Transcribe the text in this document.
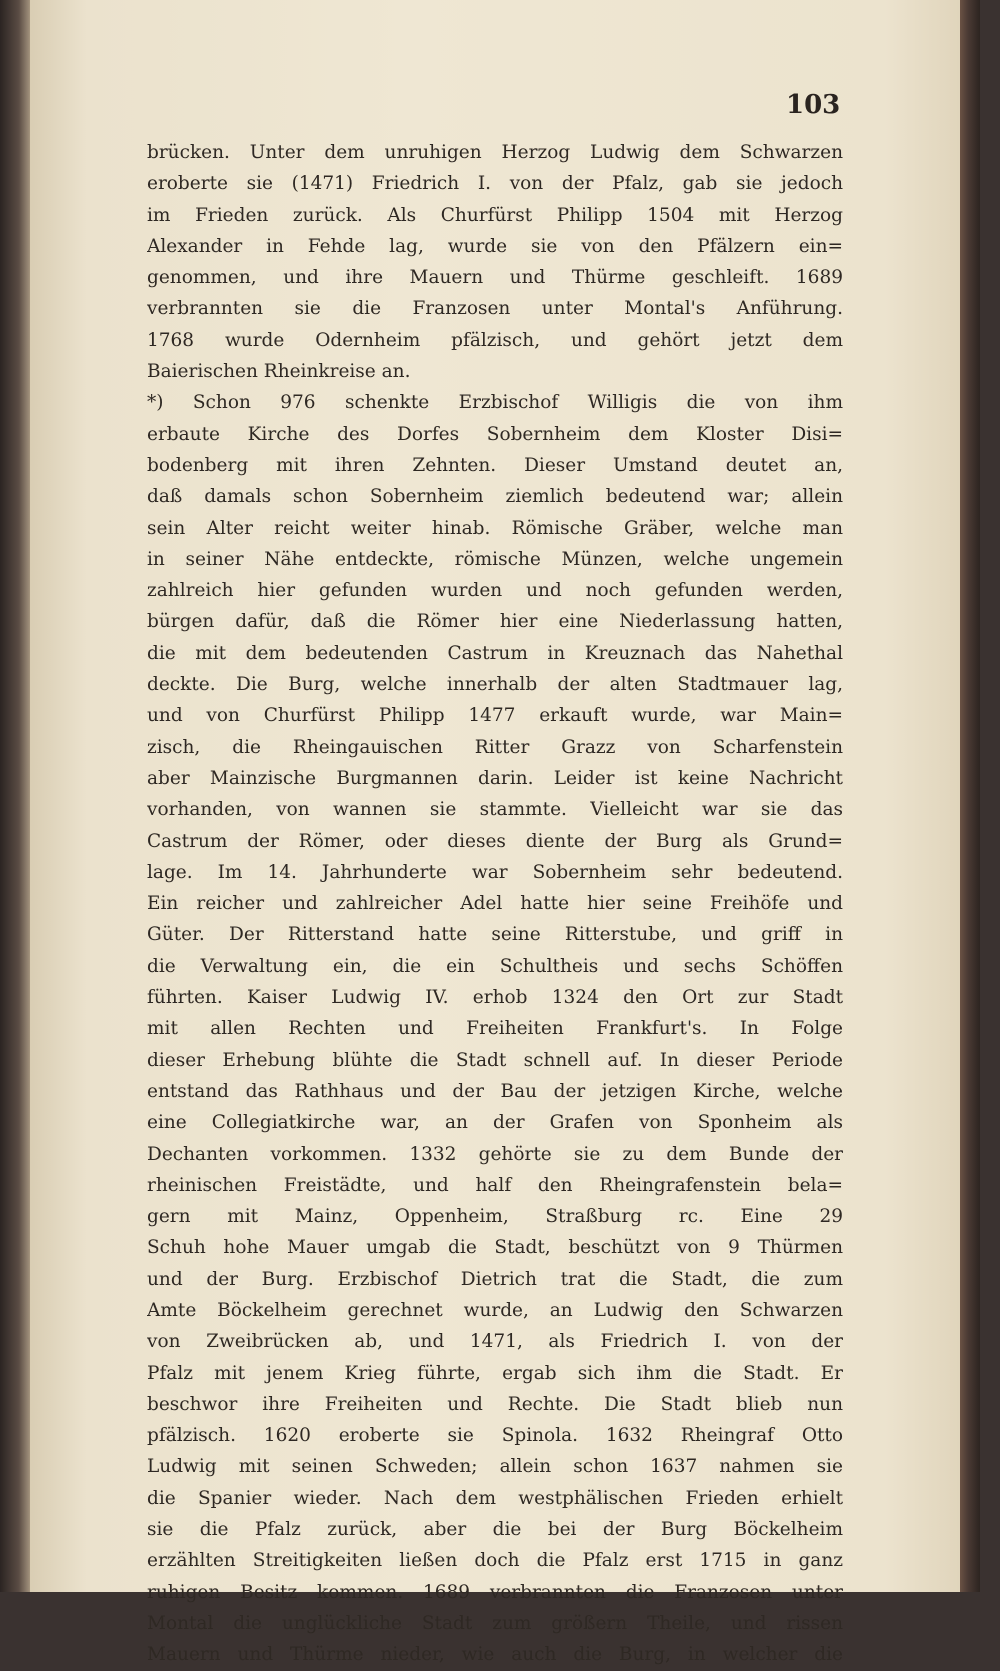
103
brücken. Unter dem unruhigen Herzog Ludwig dem Schwarzen
eroberte sie (1471) Friedrich I. von der Pfalz, gab sie jedoch
im Frieden zurück. Als Churfürst Philipp 1504 mit Herzog
Alexander in Fehde lag, wurde sie von den Pfälzern ein=
genommen, und ihre Mauern und Thürme geschleift. 1689
verbrannten sie die Franzosen unter Montal's Anführung.
1768 wurde Odernheim pfälzisch, und gehört jetzt dem
Baierischen Rheinkreise an.
*) Schon 976 schenkte Erzbischof Willigis die von ihm
erbaute Kirche des Dorfes Sobernheim dem Kloster Disi=
bodenberg mit ihren Zehnten. Dieser Umstand deutet an,
daß damals schon Sobernheim ziemlich bedeutend war; allein
sein Alter reicht weiter hinab. Römische Gräber, welche man
in seiner Nähe entdeckte, römische Münzen, welche ungemein
zahlreich hier gefunden wurden und noch gefunden werden,
bürgen dafür, daß die Römer hier eine Niederlassung hatten,
die mit dem bedeutenden Castrum in Kreuznach das Nahethal
deckte. Die Burg, welche innerhalb der alten Stadtmauer lag,
und von Churfürst Philipp 1477 erkauft wurde, war Main=
zisch, die Rheingauischen Ritter Grazz von Scharfenstein
aber Mainzische Burgmannen darin. Leider ist keine Nachricht
vorhanden, von wannen sie stammte. Vielleicht war sie das
Castrum der Römer, oder dieses diente der Burg als Grund=
lage. Im 14. Jahrhunderte war Sobernheim sehr bedeutend.
Ein reicher und zahlreicher Adel hatte hier seine Freihöfe und
Güter. Der Ritterstand hatte seine Ritterstube, und griff in
die Verwaltung ein, die ein Schultheis und sechs Schöffen
führten. Kaiser Ludwig IV. erhob 1324 den Ort zur Stadt
mit allen Rechten und Freiheiten Frankfurt's. In Folge
dieser Erhebung blühte die Stadt schnell auf. In dieser Periode
entstand das Rathhaus und der Bau der jetzigen Kirche, welche
eine Collegiatkirche war, an der Grafen von Sponheim als
Dechanten vorkommen. 1332 gehörte sie zu dem Bunde der
rheinischen Freistädte, und half den Rheingrafenstein bela=
gern mit Mainz, Oppenheim, Straßburg rc. Eine 29
Schuh hohe Mauer umgab die Stadt, beschützt von 9 Thürmen
und der Burg. Erzbischof Dietrich trat die Stadt, die zum
Amte Böckelheim gerechnet wurde, an Ludwig den Schwarzen
von Zweibrücken ab, und 1471, als Friedrich I. von der
Pfalz mit jenem Krieg führte, ergab sich ihm die Stadt. Er
beschwor ihre Freiheiten und Rechte. Die Stadt blieb nun
pfälzisch. 1620 eroberte sie Spinola. 1632 Rheingraf Otto
Ludwig mit seinen Schweden; allein schon 1637 nahmen sie
die Spanier wieder. Nach dem westphälischen Frieden erhielt
sie die Pfalz zurück, aber die bei der Burg Böckelheim
erzählten Streitigkeiten ließen doch die Pfalz erst 1715 in ganz
ruhigen Besitz kommen. 1689 verbrannten die Franzosen unter
Montal die unglückliche Stadt zum größern Theile, und rissen
Mauern und Thürme nieder, wie auch die Burg, in welcher die
